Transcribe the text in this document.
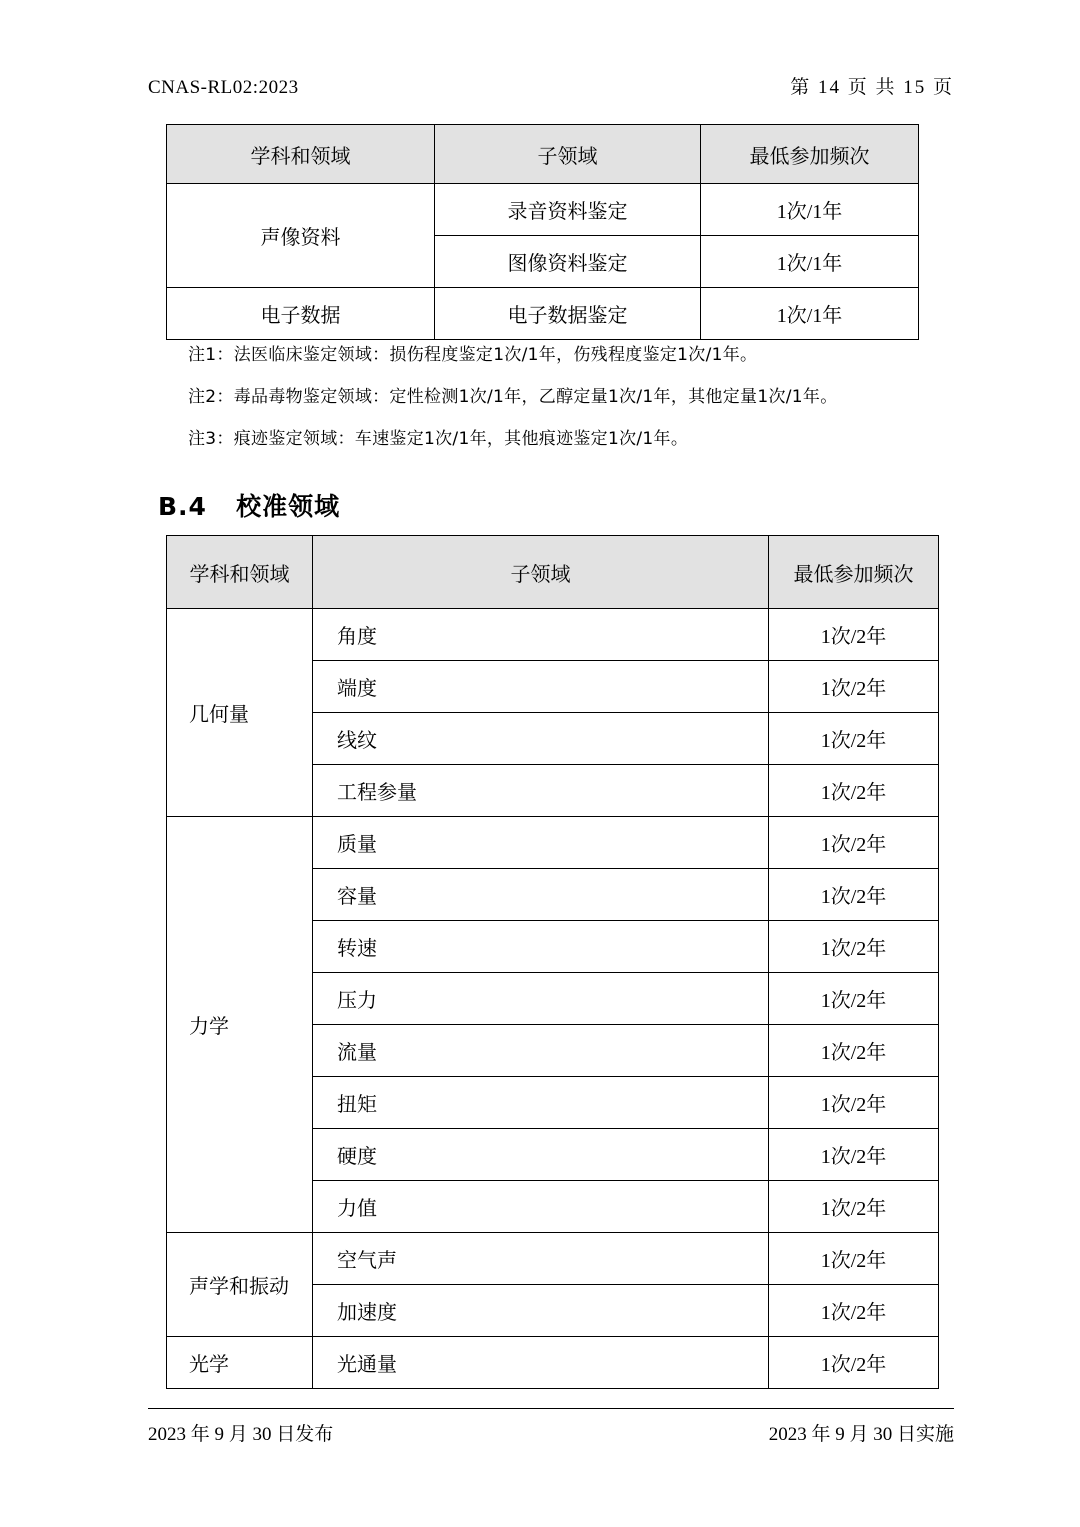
CNAS-RL02:2023	第 14 页 共 15 页
学科和领域	子领域	最低参加频次
声像资料	录音资料鉴定	1次/1年
	图像资料鉴定	1次/1年
电子数据	电子数据鉴定	1次/1年
注1：法医临床鉴定领域：损伤程度鉴定1次/1年，伤残程度鉴定1次/1年。
注2：毒品毒物鉴定领域：定性检测1次/1年，乙醇定量1次/1年，其他定量1次/1年。
注3：痕迹鉴定领域：车速鉴定1次/1年，其他痕迹鉴定1次/1年。
B.4 校准领域
学科和领域	子领域	最低参加频次
几何量	角度	1次/2年
	端度	1次/2年
	线纹	1次/2年
	工程参量	1次/2年
力学	质量	1次/2年
	容量	1次/2年
	转速	1次/2年
	压力	1次/2年
	流量	1次/2年
	扭矩	1次/2年
	硬度	1次/2年
	力值	1次/2年
声学和振动	空气声	1次/2年
	加速度	1次/2年
光学	光通量	1次/2年
2023 年 9 月 30 日发布	2023 年 9 月 30 日实施
